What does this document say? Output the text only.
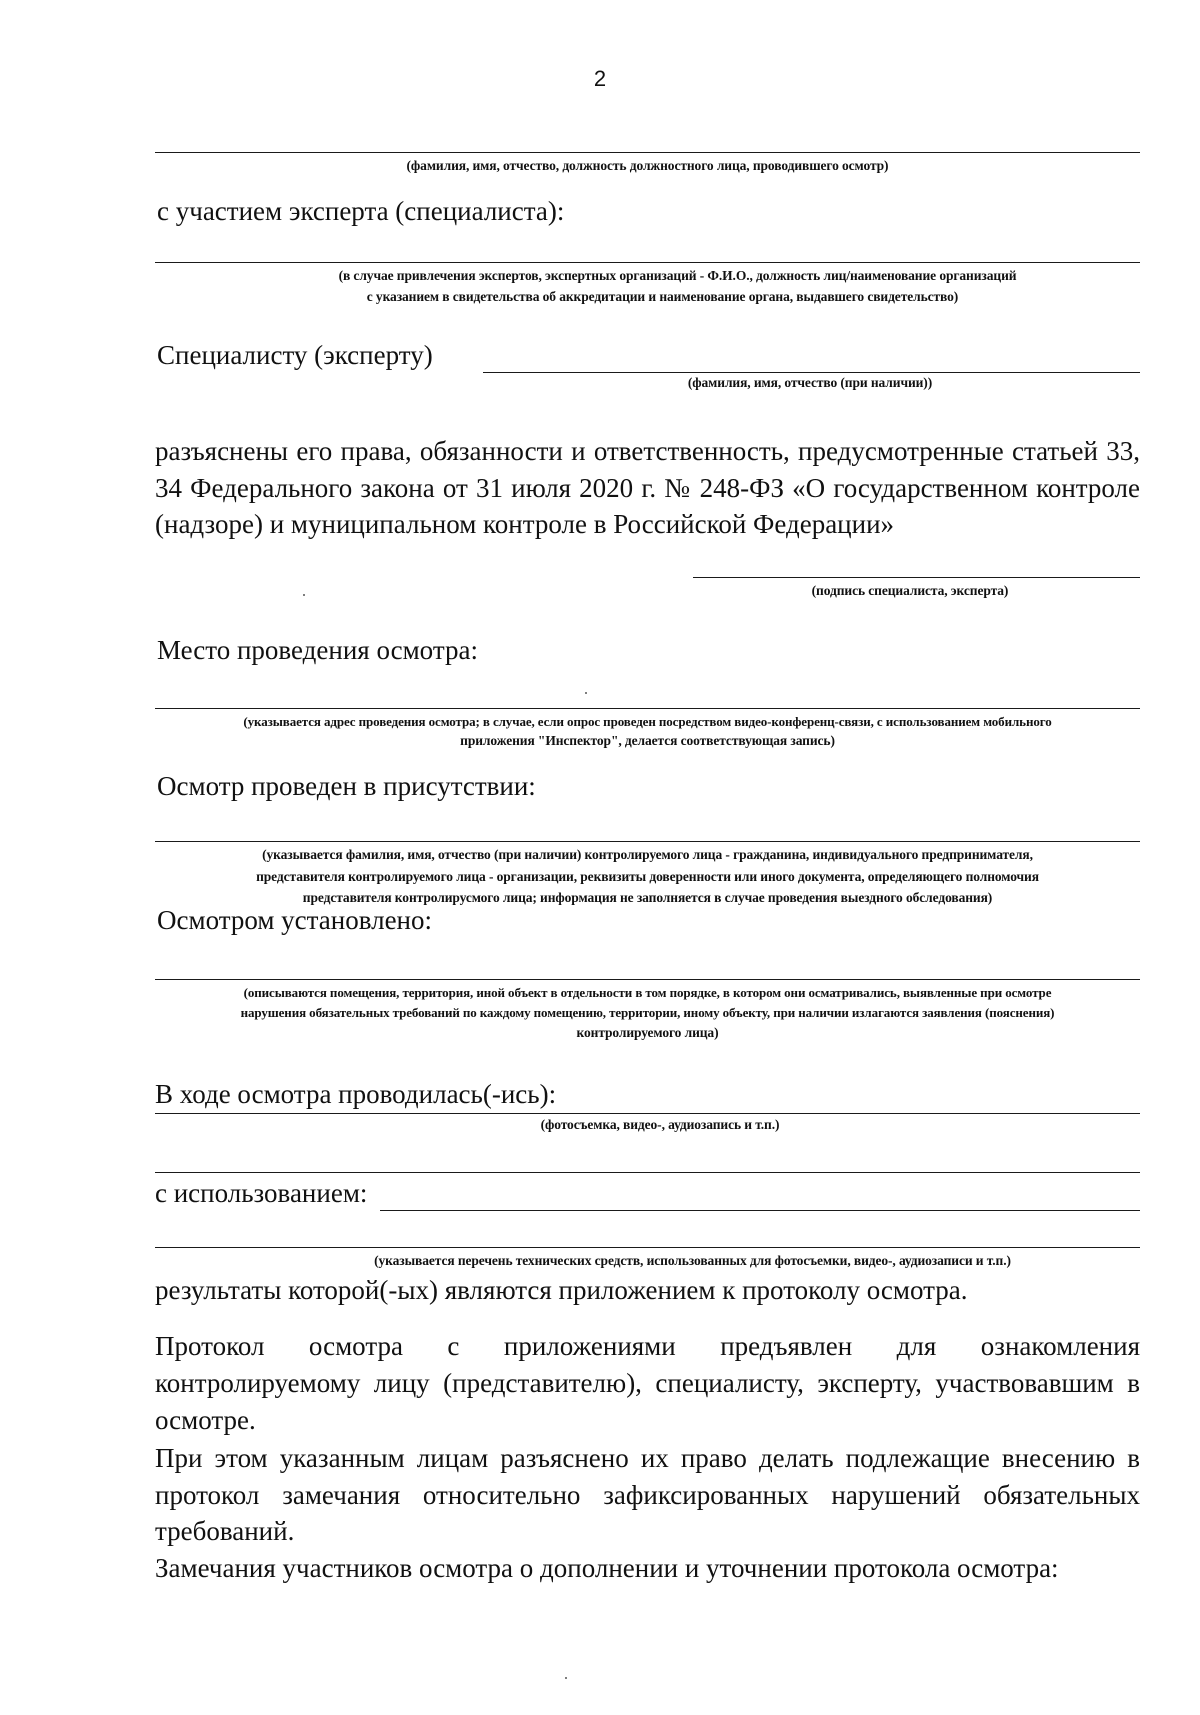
2
(фамилия, имя, отчество, должность должностного лица, проводившего осмотр)
с участием эксперта (специалиста):
(в случае привлечения экспертов, экспертных организаций - Ф.И.О., должность лиц/наименование организаций
с указанием в свидетельства об аккредитации и наименование органа, выдавшего свидетельство)
Специалисту (эксперту)
(фамилия, имя, отчество (при наличии))
разъяснены его права, обязанности и ответственность, предусмотренные статьей 33, 34 Федерального закона от 31 июля 2020 г. № 248-ФЗ «О государственном контроле (надзоре) и муниципальном контроле в Российской Федерации»
(подпись специалиста, эксперта)
Место проведения осмотра:
(указывается адрес проведения осмотра; в случае, если опрос проведен посредством видео-конференц-связи, с использованием мобильного
приложения "Инспектор", делается соответствующая запись)
Осмотр проведен в присутствии:
(указывается фамилия, имя, отчество (при наличии) контролируемого лица - гражданина, индивидуального предпринимателя,
представителя контролируемого лица - организации, реквизиты доверенности или иного документа, определяющего полномочия
представителя контролирусмого лица; информация не заполняется в случае проведения выездного обследования)
Осмотром установлено:
(описываются помещения, территория, иной объект в отдельности в том порядке, в котором они осматривались, выявленные при осмотре
нарушения обязательных требований по каждому помещению, территории, иному объекту, при наличии излагаются заявления (пояснения)
контролируемого лица)
В ходе осмотра проводилась(-ись):
(фотосъемка, видео-, аудиозапись и т.п.)
с использованием:
(указывается перечень технических средств, использованных для фотосъемки, видео-, аудиозаписи и т.п.)
результаты которой(-ых) являются приложением к протоколу осмотра.
Протокол осмотра с приложениями предъявлен для ознакомления
контролируемому лицу (представителю), специалисту, эксперту, участвовавшим в осмотре.
При этом указанным лицам разъяснено их право делать подлежащие внесению в протокол замечания относительно зафиксированных нарушений обязательных требований.
Замечания участников осмотра о дополнении и уточнении протокола осмотра:
